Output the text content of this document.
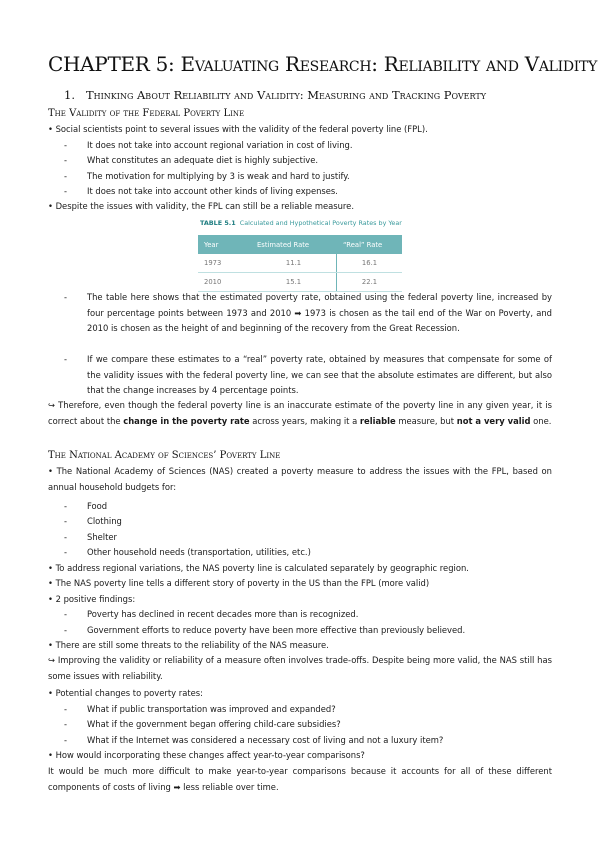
CHAPTER 5: Evaluating Research: Reliability and Validity
1. Thinking About Reliability and Validity: Measuring and Tracking Poverty
The Validity of the Federal Poverty Line
• Social scientists point to several issues with the validity of the federal poverty line (FPL).
- It does not take into account regional variation in cost of living.
- What constitutes an adequate diet is highly subjective.
- The motivation for multiplying by 3 is weak and hard to justify.
- It does not take into account other kinds of living expenses.
• Despite the issues with validity, the FPL can still be a reliable measure.
TABLE 5.1 Calculated and Hypothetical Poverty Rates by Year
Year	Estimated Rate	“Real” Rate
1973	11.1	16.1
2010	15.1	22.1
- The table here shows that the estimated poverty rate, obtained using the federal poverty line, increased by four percentage points between 1973 and 2010 ➡ 1973 is chosen as the tail end of the War on Poverty, and 2010 is chosen as the height of and beginning of the recovery from the Great Recession.
- If we compare these estimates to a “real” poverty rate, obtained by measures that compensate for some of the validity issues with the federal poverty line, we can see that the absolute estimates are different, but also that the change increases by 4 percentage points.
↪ Therefore, even though the federal poverty line is an inaccurate estimate of the poverty line in any given year, it is correct about the change in the poverty rate across years, making it a reliable measure, but not a very valid one.
The National Academy of Sciences’ Poverty Line
• The National Academy of Sciences (NAS) created a poverty measure to address the issues with the FPL, based on annual household budgets for:
- Food
- Clothing
- Shelter
- Other household needs (transportation, utilities, etc.)
• To address regional variations, the NAS poverty line is calculated separately by geographic region.
• The NAS poverty line tells a different story of poverty in the US than the FPL (more valid)
• 2 positive findings:
- Poverty has declined in recent decades more than is recognized.
- Government efforts to reduce poverty have been more effective than previously believed.
• There are still some threats to the reliability of the NAS measure.
↪ Improving the validity or reliability of a measure often involves trade-offs. Despite being more valid, the NAS still has some issues with reliability.
• Potential changes to poverty rates:
- What if public transportation was improved and expanded?
- What if the government began offering child-care subsidies?
- What if the Internet was considered a necessary cost of living and not a luxury item?
• How would incorporating these changes affect year-to-year comparisons?
It would be much more difficult to make year-to-year comparisons because it accounts for all of these different components of costs of living ➡ less reliable over time.
